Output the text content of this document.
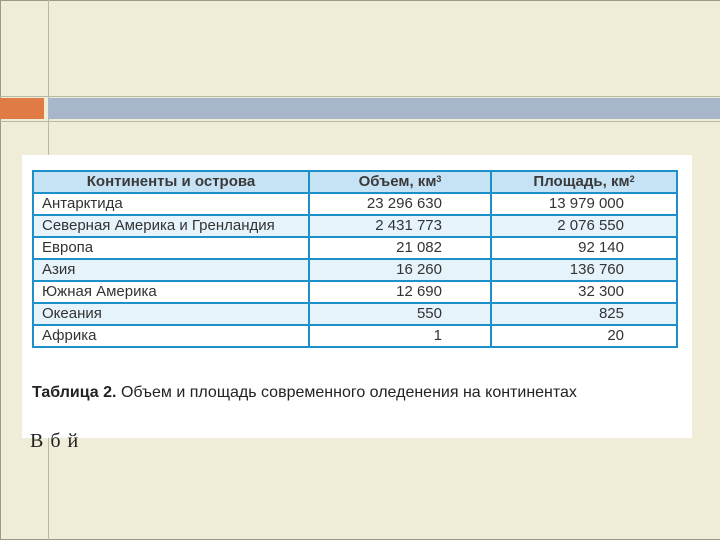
Континенты и острова	Объем, $км^3$	Площадь, $км^2$
Антарктида	23 296 630	13 979 000
Северная Америка и Гренландия	2 431 773	2 076 550
Европа	21 082	92 140
Азия	16 260	136 760
Южная Америка	12 690	32 300
Океания	550	825
Африка	1	20
Таблица 2. Объем и площадь современного оледенения на континентах
В б й
